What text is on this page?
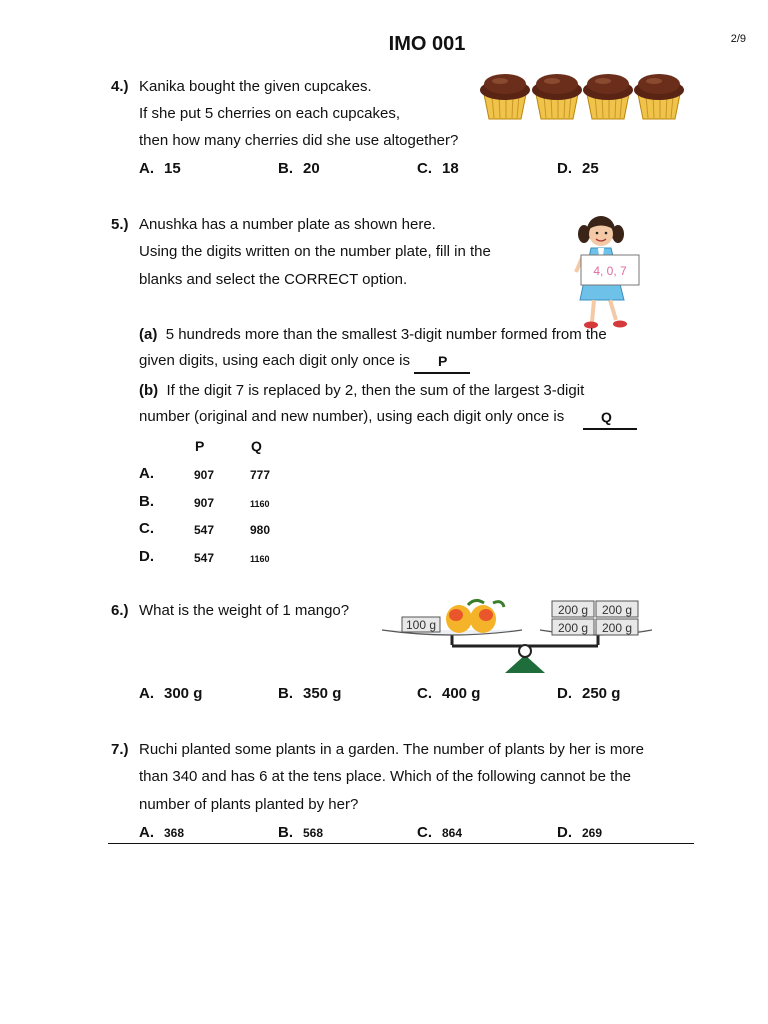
IMO 001	2/9
4.) Kanika bought the given cupcakes.
If she put 5 cherries on each cupcakes,
then how many cherries did she use altogether?
A. 15	B. 20	C. 18	D. 25
5.) Anushka has a number plate as shown here.
Using the digits written on the number plate, fill in the
blanks and select the CORRECT option.	4, 0, 7
(a) 5 hundreds more than the smallest 3-digit number formed from the
given digits, using each digit only once is P
(b) If the digit 7 is replaced by 2, then the sum of the largest 3-digit
number (original and new number), using each digit only once is	Q
P	Q
A.	907	777
B.	907	1160
C.	547	980
D.	547	1160
6.) What is the weight of 1 mango?
100 g
200 g 200 g
200 g 200 g
A. 300 g	B. 350 g	C. 400 g	D. 250 g
7.) Ruchi planted some plants in a garden. The number of plants by her is more
than 340 and has 6 at the tens place. Which of the following cannot be the
number of plants planted by her?
A. 368	B. 568	C. 864	D. 269
